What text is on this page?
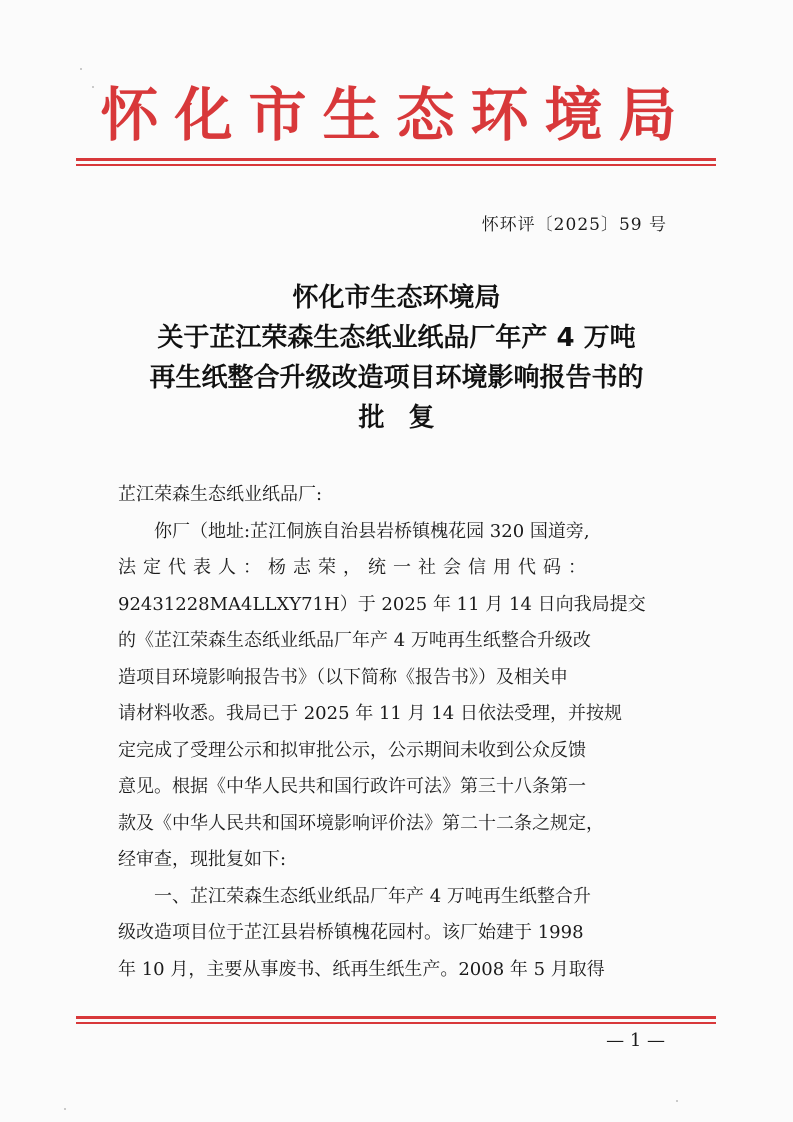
怀化市生态环境局
怀环评〔2025〕59 号
怀化市生态环境局
关于芷江荣森生态纸业纸品厂年产 4 万吨
再生纸整合升级改造项目环境影响报告书的
批复
芷江荣森生态纸业纸品厂:
你厂（地址:芷江侗族自治县岩桥镇槐花园 320 国道旁,
法定代表人：杨志荣，统一社会信用代码：
92431228MA4LLXY71H）于 2025 年 11 月 14 日向我局提交
的《芷江荣森生态纸业纸品厂年产 4 万吨再生纸整合升级改
造项目环境影响报告书》（以下简称《报告书》）及相关申
请材料收悉。我局已于 2025 年 11 月 14 日依法受理，并按规
定完成了受理公示和拟审批公示，公示期间未收到公众反馈
意见。根据《中华人民共和国行政许可法》第三十八条第一
款及《中华人民共和国环境影响评价法》第二十二条之规定，
经审查，现批复如下:
一、芷江荣森生态纸业纸品厂年产 4 万吨再生纸整合升
级改造项目位于芷江县岩桥镇槐花园村。该厂始建于 1998
年 10 月，主要从事废书、纸再生纸生产。2008 年 5 月取得
— 1 —
